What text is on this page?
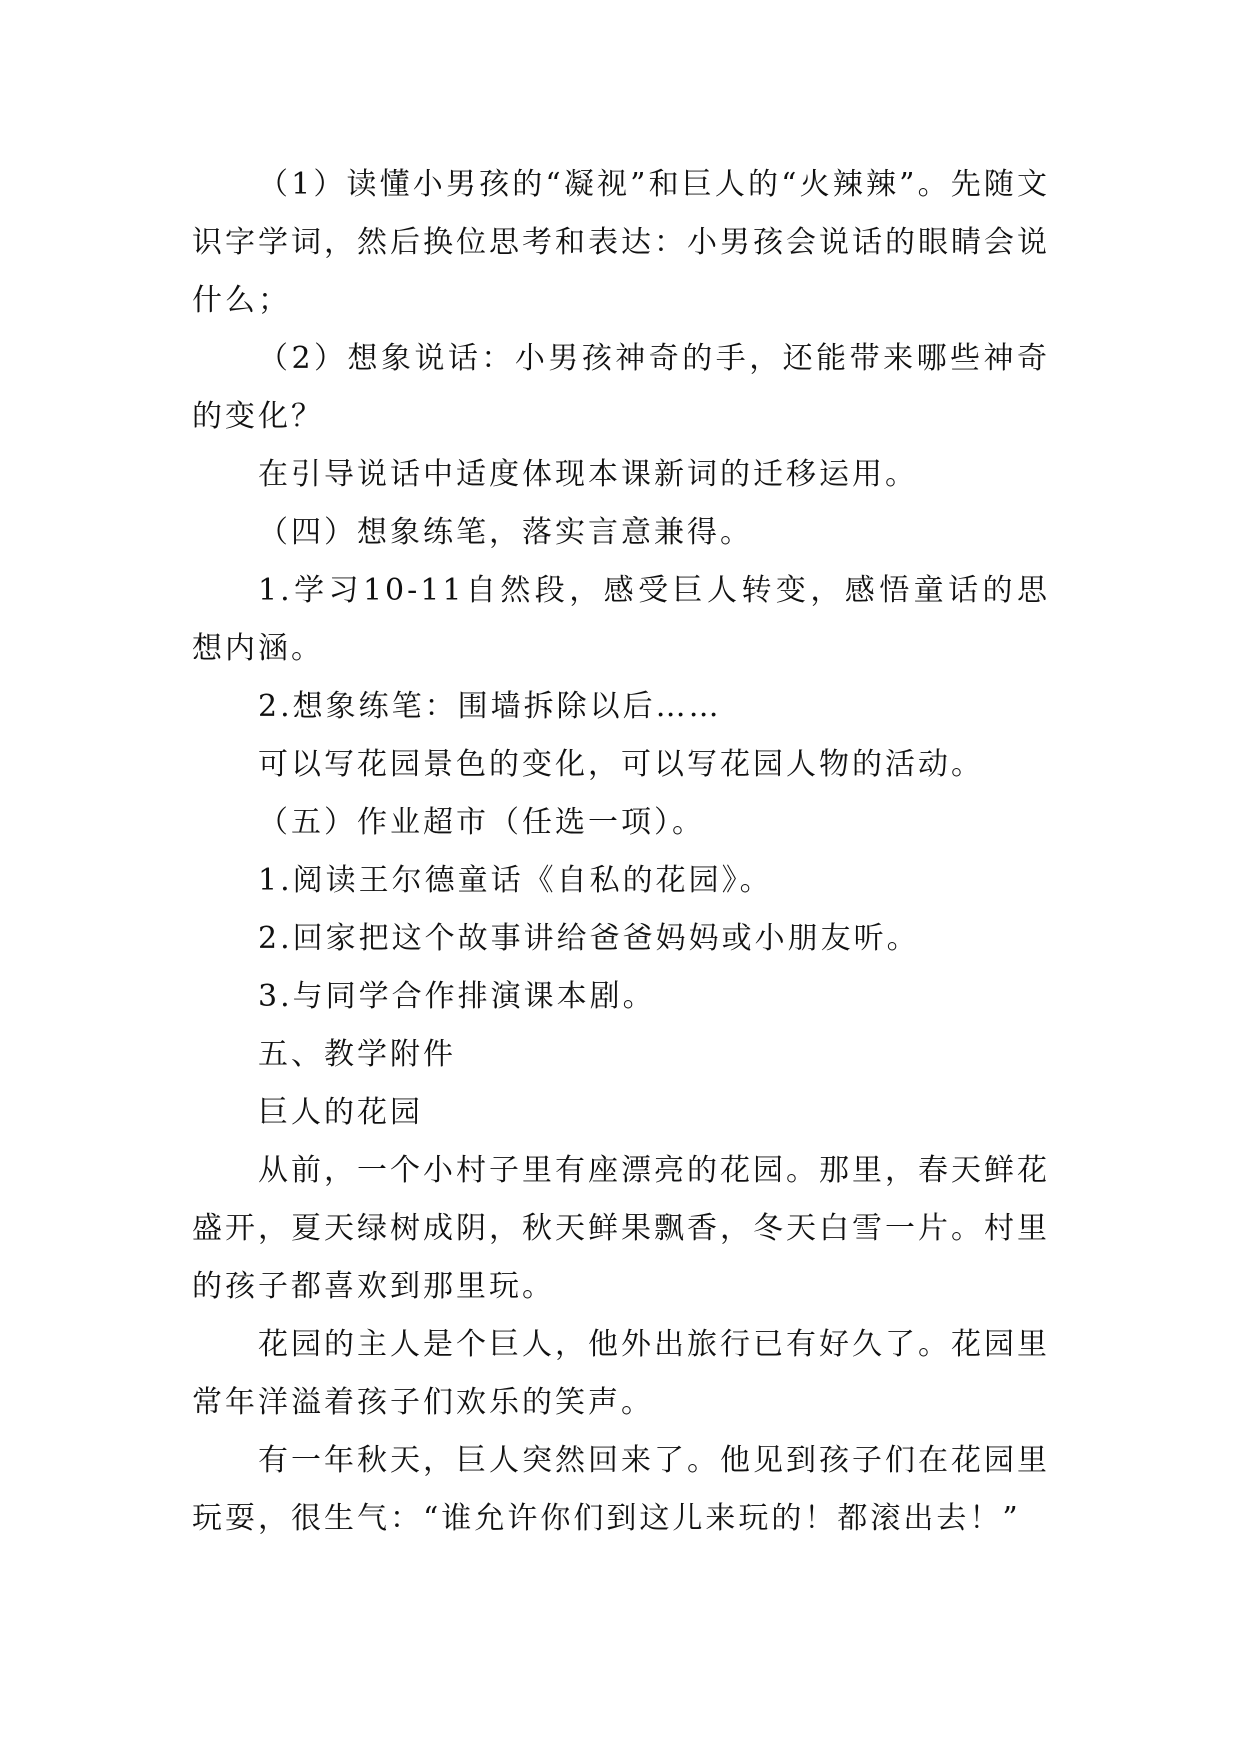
（1）读懂小男孩的“凝视”和巨人的“火辣辣”。先随文识字学词，然后换位思考和表达：小男孩会说话的眼睛会说什么；

（2）想象说话：小男孩神奇的手，还能带来哪些神奇的变化？

在引导说话中适度体现本课新词的迁移运用。

（四）想象练笔，落实言意兼得。

1.学习10-11自然段，感受巨人转变，感悟童话的思想内涵。

2.想象练笔：围墙拆除以后……

可以写花园景色的变化，可以写花园人物的活动。

（五）作业超市（任选一项）。

1.阅读王尔德童话《自私的花园》。

2.回家把这个故事讲给爸爸妈妈或小朋友听。

3.与同学合作排演课本剧。

五、教学附件

巨人的花园

从前，一个小村子里有座漂亮的花园。那里，春天鲜花盛开，夏天绿树成阴，秋天鲜果飘香，冬天白雪一片。村里的孩子都喜欢到那里玩。

花园的主人是个巨人，他外出旅行已有好久了。花园里常年洋溢着孩子们欢乐的笑声。

有一年秋天，巨人突然回来了。他见到孩子们在花园里玩耍，很生气：“谁允许你们到这儿来玩的！都滚出去！”
